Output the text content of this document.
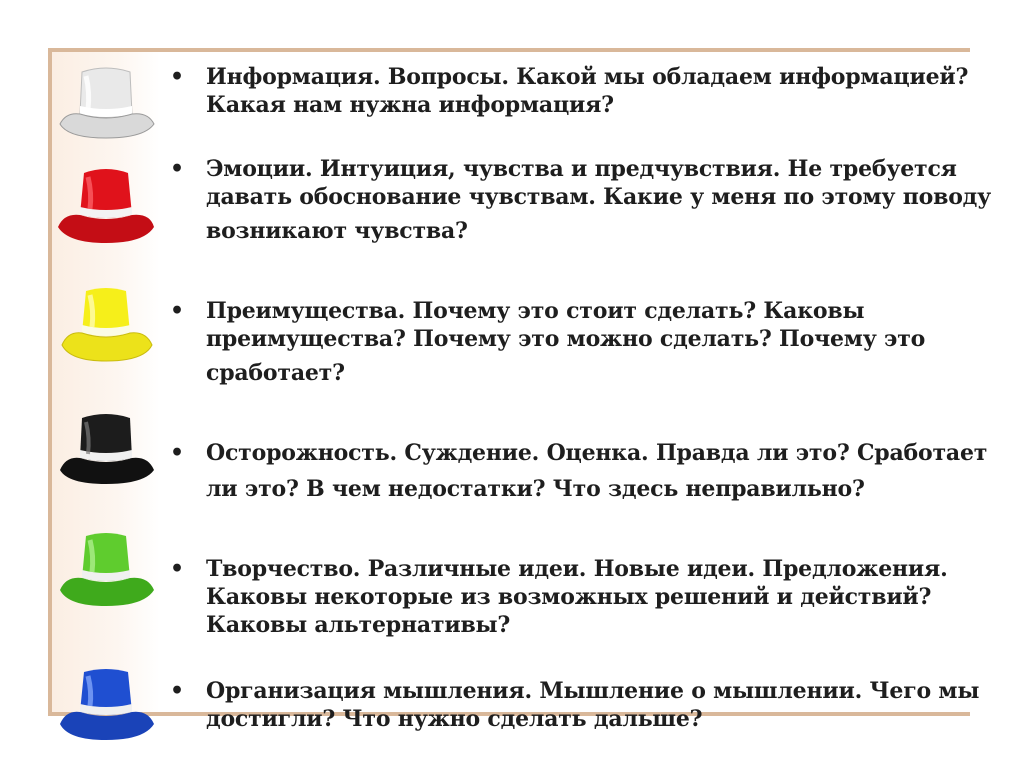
• Информация. Вопросы. Какой мы обладаем информацией?
Какая нам нужна информация?
• Эмоции. Интуиция, чувства и предчувствия. Не требуется
давать обоснование чувствам. Какие у меня по этому поводу
возникают чувства?
• Преимущества. Почему это стоит сделать? Каковы
преимущества? Почему это можно сделать? Почему это
сработает?
• Осторожность. Суждение. Оценка. Правда ли это? Сработает
ли это? В чем недостатки? Что здесь неправильно?
• Творчество. Различные идеи. Новые идеи. Предложения.
Каковы некоторые из возможных решений и действий?
Каковы альтернативы?
• Организация мышления. Мышление о мышлении. Чего мы
достигли? Что нужно сделать дальше?
